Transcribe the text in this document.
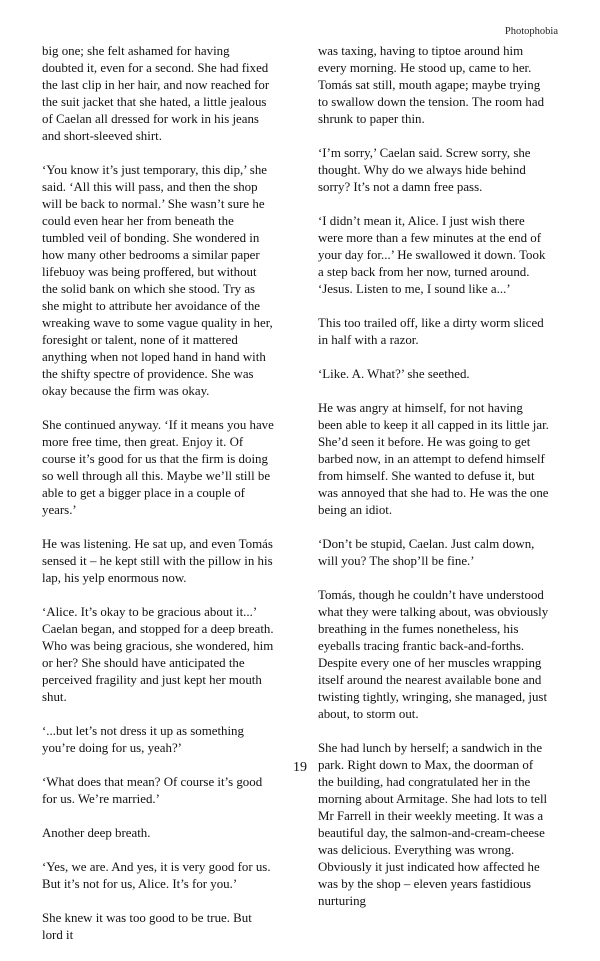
Photophobia

big one; she felt ashamed for having doubted it, even for a second. She had fixed the last clip in her hair, and now reached for the suit jacket that she hated, a little jealous of Caelan all dressed for work in his jeans and short-sleeved shirt.

‘You know it’s just temporary, this dip,’ she said. ‘All this will pass, and then the shop will be back to normal.’ She wasn’t sure he could even hear her from beneath the tumbled veil of bonding. She wondered in how many other bedrooms a similar paper lifebuoy was being proffered, but without the solid bank on which she stood. Try as she might to attribute her avoidance of the wreaking wave to some vague quality in her, foresight or talent, none of it mattered anything when not loped hand in hand with the shifty spectre of providence. She was okay because the firm was okay.

She continued anyway. ‘If it means you have more free time, then great. Enjoy it. Of course it’s good for us that the firm is doing so well through all this. Maybe we’ll still be able to get a bigger place in a couple of years.’

He was listening. He sat up, and even Tomás sensed it – he kept still with the pillow in his lap, his yelp enormous now.

‘Alice. It’s okay to be gracious about it...’ Caelan began, and stopped for a deep breath. Who was being gracious, she wondered, him or her? She should have anticipated the perceived fragility and just kept her mouth shut.

‘...but let’s not dress it up as something you’re doing for us, yeah?’

‘What does that mean? Of course it’s good for us. We’re married.’

Another deep breath.

‘Yes, we are. And yes, it is very good for us. But it’s not for us, Alice. It’s for you.’

She knew it was too good to be true. But lord it

was taxing, having to tiptoe around him every morning. He stood up, came to her. Tomás sat still, mouth agape; maybe trying to swallow down the tension. The room had shrunk to paper thin.

‘I’m sorry,’ Caelan said. Screw sorry, she thought. Why do we always hide behind sorry? It’s not a damn free pass.

‘I didn’t mean it, Alice. I just wish there were more than a few minutes at the end of your day for...’ He swallowed it down. Took a step back from her now, turned around. ‘Jesus. Listen to me, I sound like a...’

This too trailed off, like a dirty worm sliced in half with a razor.

‘Like. A. What?’ she seethed.

He was angry at himself, for not having been able to keep it all capped in its little jar. She’d seen it before. He was going to get barbed now, in an attempt to defend himself from himself. She wanted to defuse it, but was annoyed that she had to. He was the one being an idiot.

‘Don’t be stupid, Caelan. Just calm down, will you? The shop’ll be fine.’

Tomás, though he couldn’t have understood what they were talking about, was obviously breathing in the fumes nonetheless, his eyeballs tracing frantic back-and-forths. Despite every one of her muscles wrapping itself around the nearest available bone and twisting tightly, wringing, she managed, just about, to storm out.

She had lunch by herself; a sandwich in the park. Right down to Max, the doorman of the building, had congratulated her in the morning about Armitage. She had lots to tell Mr Farrell in their weekly meeting. It was a beautiful day, the salmon-and-cream-cheese was delicious. Everything was wrong.

Obviously it just indicated how affected he was by the shop – eleven years fastidious nurturing

19
